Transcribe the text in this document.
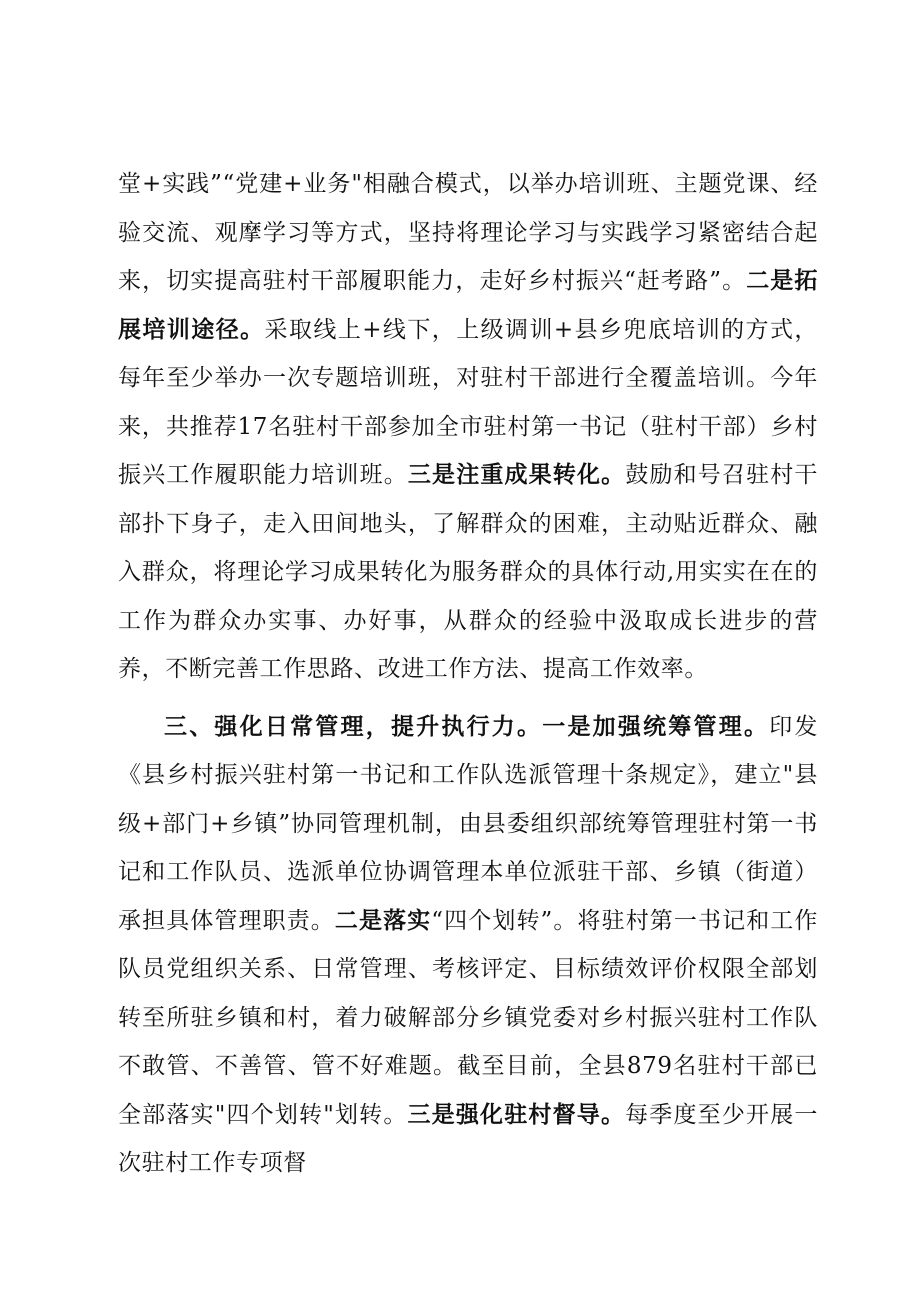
堂+实践”“党建+业务"相融合模式，以举办培训班、主题党课、经验交流、观摩学习等方式，坚持将理论学习与实践学习紧密结合起来，切实提高驻村干部履职能力，走好乡村振兴“赶考路”。二是拓展培训途径。采取线上+线下，上级调训+县乡兜底培训的方式，每年至少举办一次专题培训班，对驻村干部进行全覆盖培训。今年来，共推荐17名驻村干部参加全市驻村第一书记（驻村干部）乡村振兴工作履职能力培训班。三是注重成果转化。鼓励和号召驻村干部扑下身子，走入田间地头，了解群众的困难，主动贴近群众、融入群众，将理论学习成果转化为服务群众的具体行动,用实实在在的工作为群众办实事、办好事，从群众的经验中汲取成长进步的营养，不断完善工作思路、改进工作方法、提高工作效率。

三、强化日常管理，提升执行力。一是加强统筹管理。印发《县乡村振兴驻村第一书记和工作队选派管理十条规定》，建立"县级+部门+乡镇”协同管理机制，由县委组织部统筹管理驻村第一书记和工作队员、选派单位协调管理本单位派驻干部、乡镇（街道）承担具体管理职责。二是落实“四个划转”。将驻村第一书记和工作队员党组织关系、日常管理、考核评定、目标绩效评价权限全部划转至所驻乡镇和村，着力破解部分乡镇党委对乡村振兴驻村工作队不敢管、不善管、管不好难题。截至目前，全县879名驻村干部已全部落实"四个划转"划转。三是强化驻村督导。每季度至少开展一次驻村工作专项督
